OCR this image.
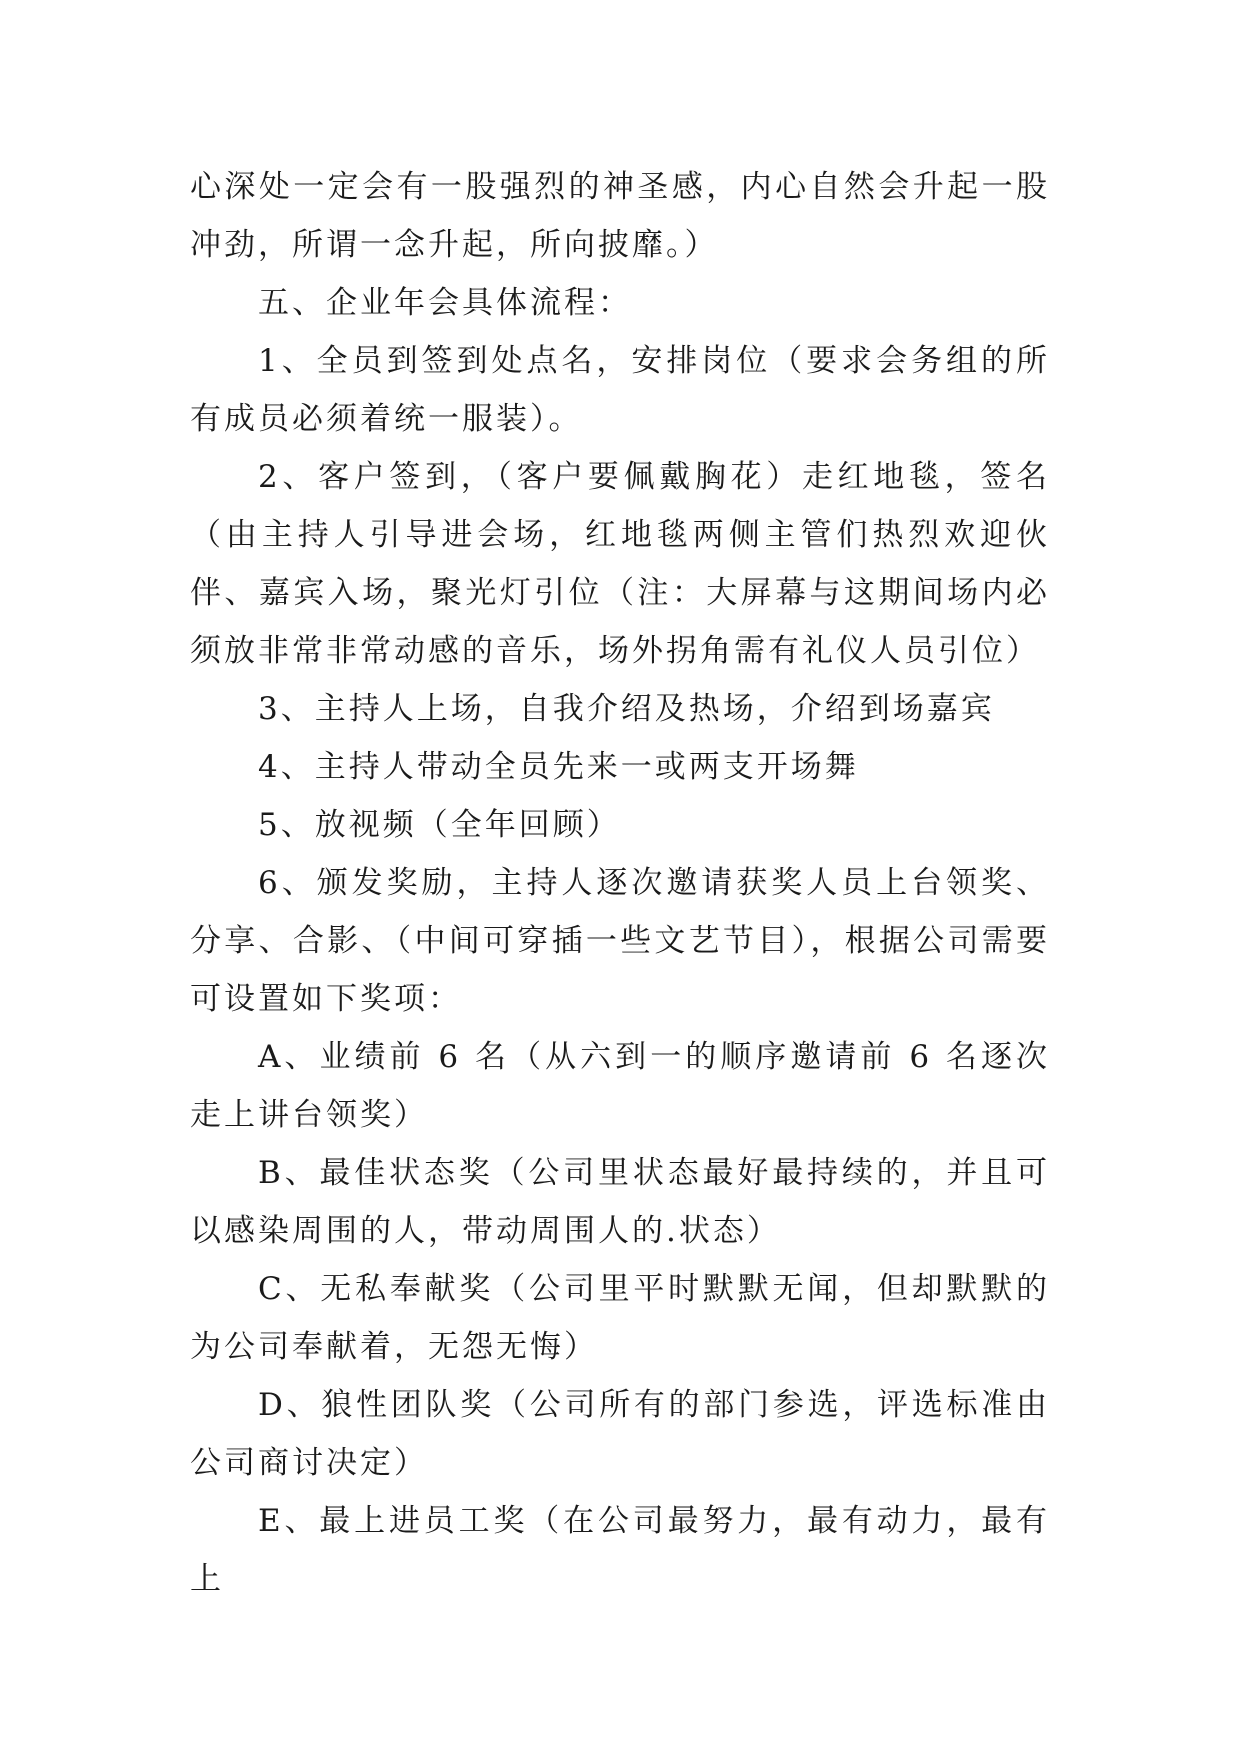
心深处一定会有一股强烈的神圣感，内心自然会升起一股冲劲，所谓一念升起，所向披靡。）

五、企业年会具体流程：

1、全员到签到处点名，安排岗位（要求会务组的所有成员必须着统一服装）。

2、客户签到，（客户要佩戴胸花）走红地毯，签名（由主持人引导进会场，红地毯两侧主管们热烈欢迎伙伴、嘉宾入场，聚光灯引位（注：大屏幕与这期间场内必须放非常非常动感的音乐，场外拐角需有礼仪人员引位）

3、主持人上场，自我介绍及热场，介绍到场嘉宾

4、主持人带动全员先来一或两支开场舞

5、放视频（全年回顾）

6、颁发奖励，主持人逐次邀请获奖人员上台领奖、分享、合影、（中间可穿插一些文艺节目），根据公司需要可设置如下奖项：

A、业绩前 6 名（从六到一的顺序邀请前 6 名逐次走上讲台领奖）

B、最佳状态奖（公司里状态最好最持续的，并且可以感染周围的人，带动周围人的.状态）

C、无私奉献奖（公司里平时默默无闻，但却默默的为公司奉献着，无怨无悔）

D、狼性团队奖（公司所有的部门参选，评选标准由公司商讨决定）

E、最上进员工奖（在公司最努力，最有动力，最有上
